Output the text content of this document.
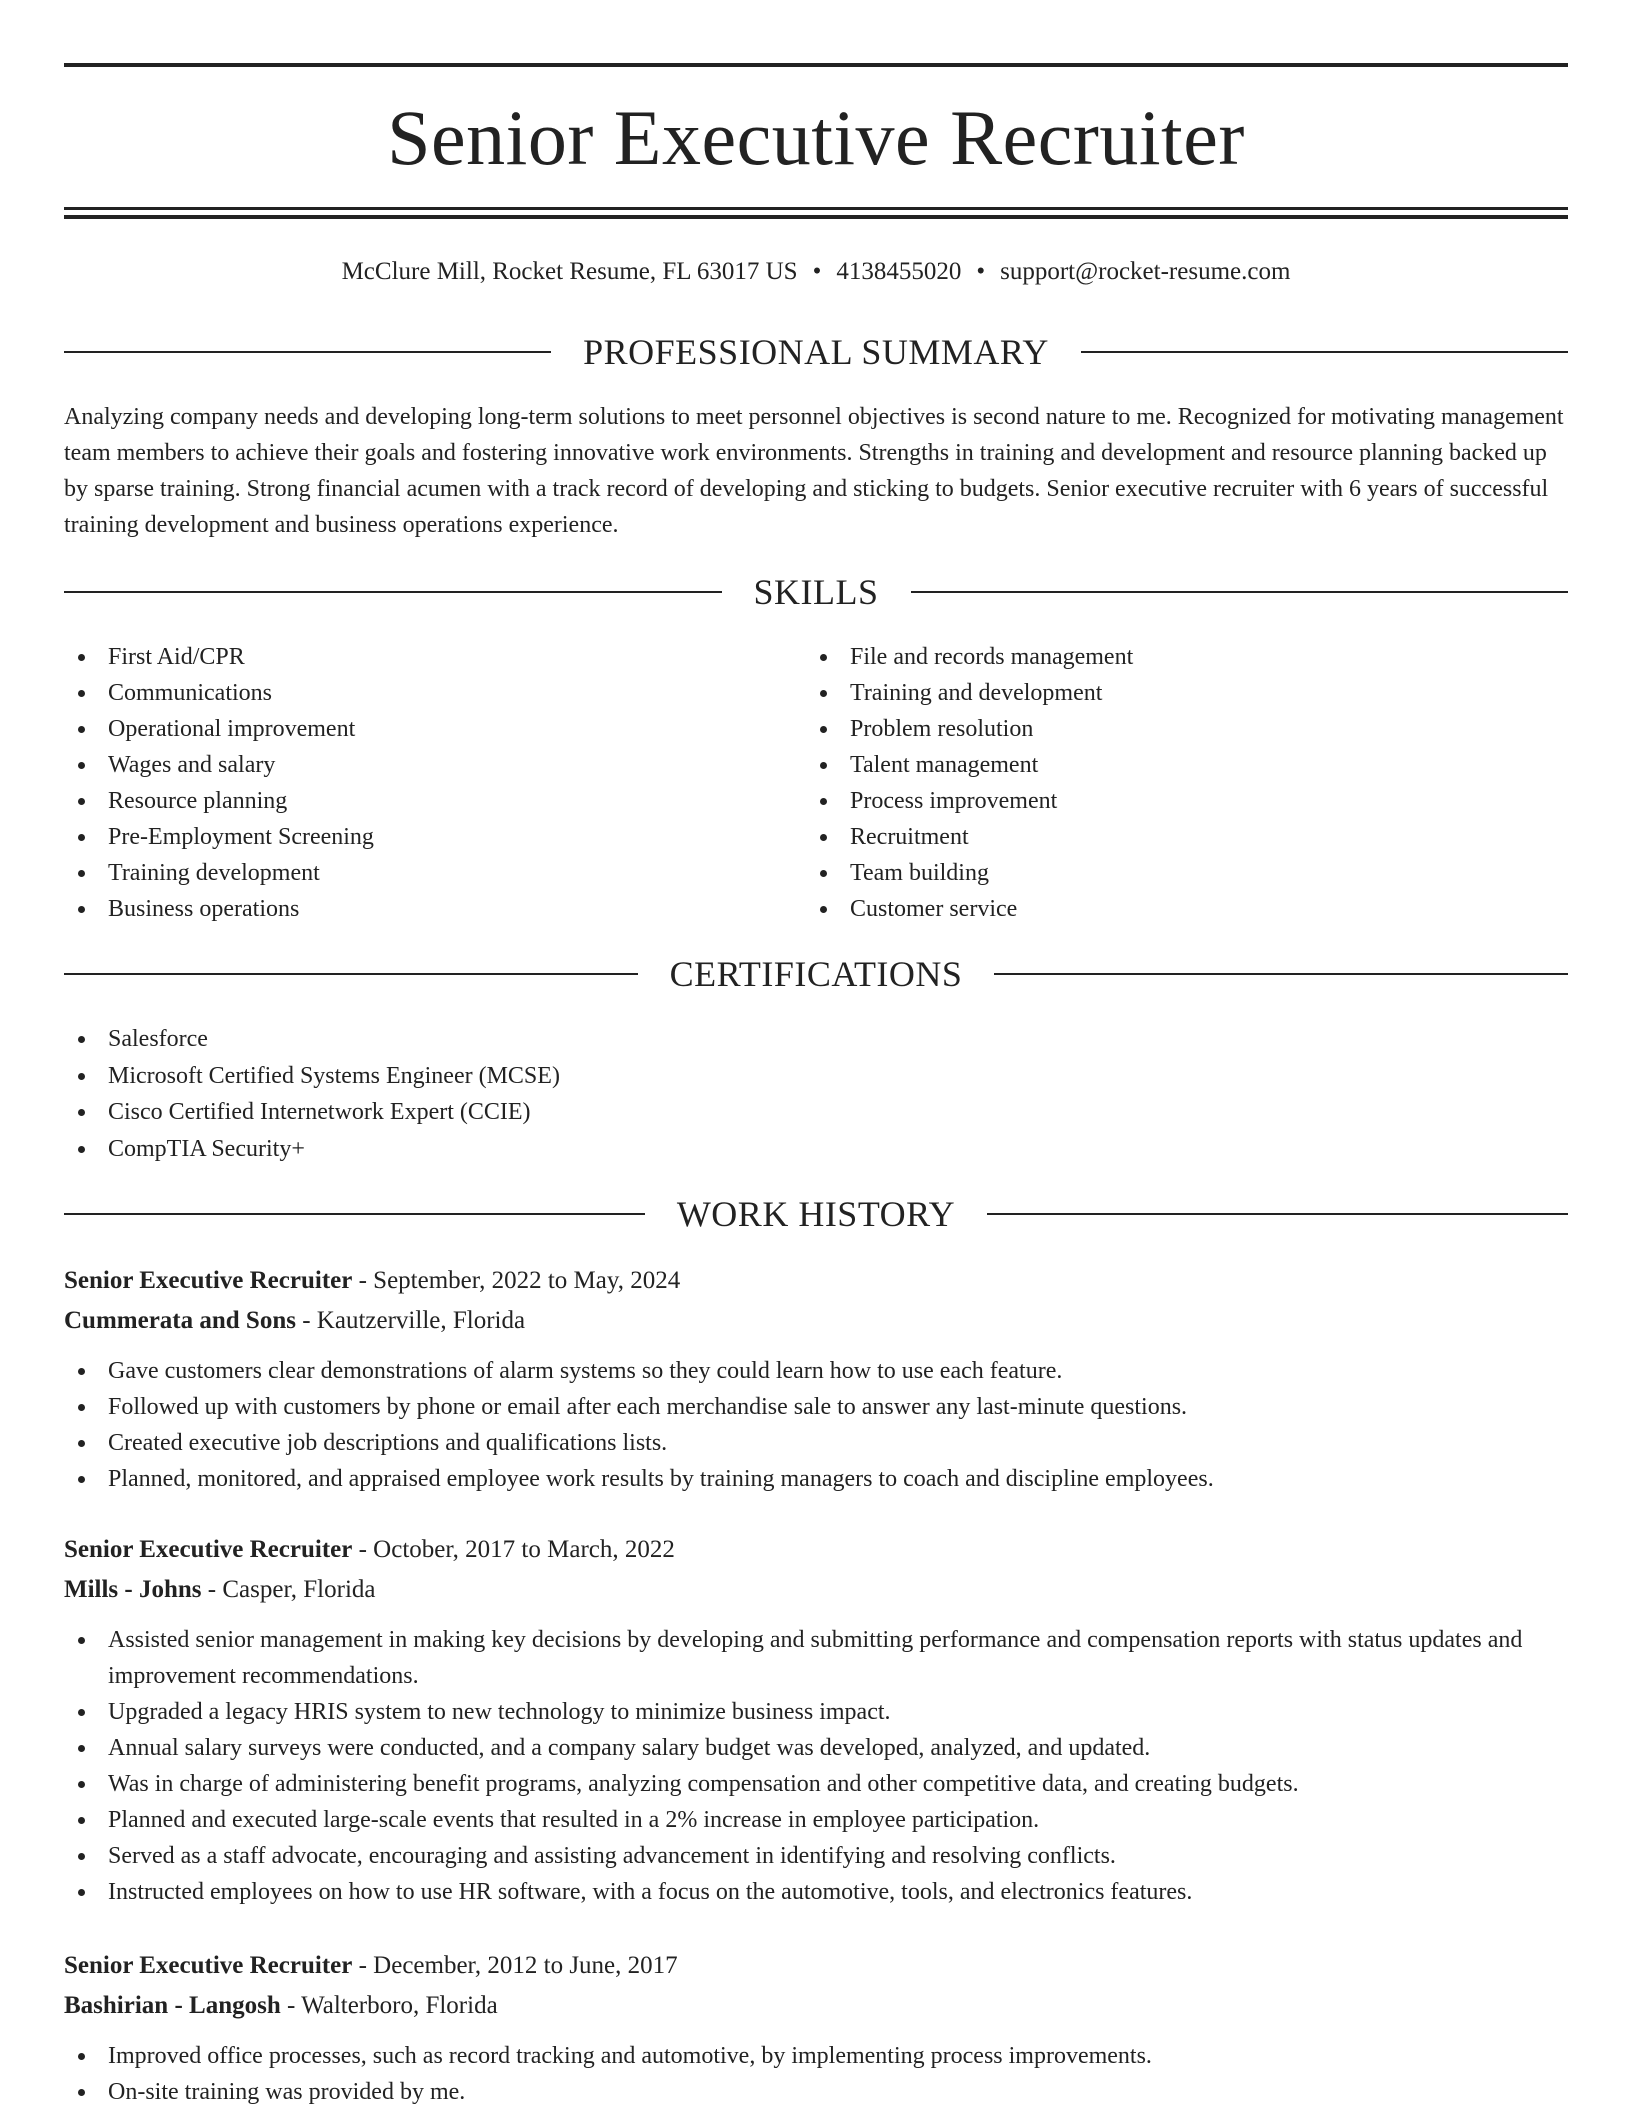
Senior Executive Recruiter
McClure Mill, Rocket Resume, FL 63017 US • 4138455020 • support@rocket-resume.com
PROFESSIONAL SUMMARY
Analyzing company needs and developing long-term solutions to meet personnel objectives is second nature to me. Recognized for motivating management team members to achieve their goals and fostering innovative work environments. Strengths in training and development and resource planning backed up by sparse training. Strong financial acumen with a track record of developing and sticking to budgets. Senior executive recruiter with 6 years of successful training development and business operations experience.
SKILLS
First Aid/CPR
Communications
Operational improvement
Wages and salary
Resource planning
Pre-Employment Screening
Training development
Business operations
File and records management
Training and development
Problem resolution
Talent management
Process improvement
Recruitment
Team building
Customer service
CERTIFICATIONS
Salesforce
Microsoft Certified Systems Engineer (MCSE)
Cisco Certified Internetwork Expert (CCIE)
CompTIA Security+
WORK HISTORY
Senior Executive Recruiter - September, 2022 to May, 2024
Cummerata and Sons - Kautzerville, Florida
Gave customers clear demonstrations of alarm systems so they could learn how to use each feature.
Followed up with customers by phone or email after each merchandise sale to answer any last-minute questions.
Created executive job descriptions and qualifications lists.
Planned, monitored, and appraised employee work results by training managers to coach and discipline employees.
Senior Executive Recruiter - October, 2017 to March, 2022
Mills - Johns - Casper, Florida
Assisted senior management in making key decisions by developing and submitting performance and compensation reports with status updates and improvement recommendations.
Upgraded a legacy HRIS system to new technology to minimize business impact.
Annual salary surveys were conducted, and a company salary budget was developed, analyzed, and updated.
Was in charge of administering benefit programs, analyzing compensation and other competitive data, and creating budgets.
Planned and executed large-scale events that resulted in a 2% increase in employee participation.
Served as a staff advocate, encouraging and assisting advancement in identifying and resolving conflicts.
Instructed employees on how to use HR software, with a focus on the automotive, tools, and electronics features.
Senior Executive Recruiter - December, 2012 to June, 2017
Bashirian - Langosh - Walterboro, Florida
Improved office processes, such as record tracking and automotive, by implementing process improvements.
On-site training was provided by me.
